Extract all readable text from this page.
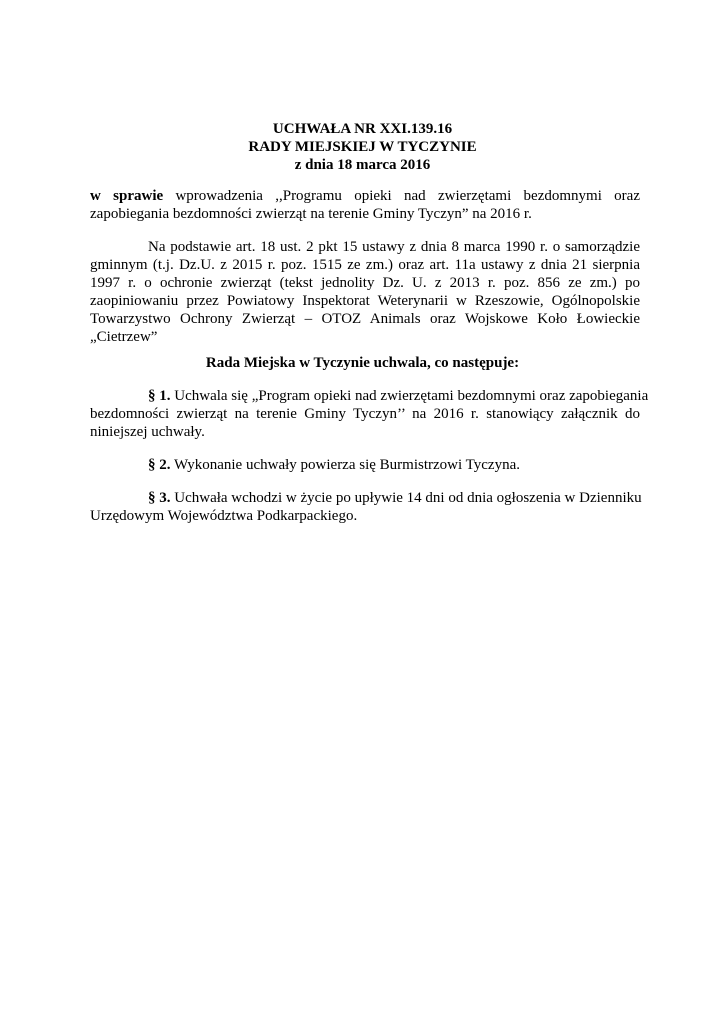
UCHWAŁA NR XXI.139.16
RADY MIEJSKIEJ W TYCZYNIE
z dnia 18 marca 2016
w sprawie wprowadzenia ,,Programu opieki nad zwierzętami bezdomnymi oraz
zapobiegania bezdomności zwierząt na terenie Gminy Tyczyn” na 2016 r.
Na podstawie art. 18 ust. 2 pkt 15 ustawy z dnia 8 marca 1990 r. o samorządzie
gminnym (t.j. Dz.U. z 2015 r. poz. 1515 ze zm.) oraz art. 11a ustawy z dnia 21 sierpnia
1997 r. o ochronie zwierząt (tekst jednolity Dz. U. z 2013 r. poz. 856 ze zm.) po
zaopiniowaniu przez Powiatowy Inspektorat Weterynarii w Rzeszowie, Ogólnopolskie
Towarzystwo Ochrony Zwierząt – OTOZ Animals oraz Wojskowe Koło Łowieckie
„Cietrzew”
Rada Miejska w Tyczynie uchwala, co następuje:
§ 1. Uchwala się „Program opieki nad zwierzętami bezdomnymi oraz zapobiegania
bezdomności zwierząt na terenie Gminy Tyczyn’’ na 2016 r. stanowiący załącznik do
niniejszej uchwały.
§ 2. Wykonanie uchwały powierza się Burmistrzowi Tyczyna.
§ 3. Uchwała wchodzi w życie po upływie 14 dni od dnia ogłoszenia w Dzienniku
Urzędowym Województwa Podkarpackiego.
